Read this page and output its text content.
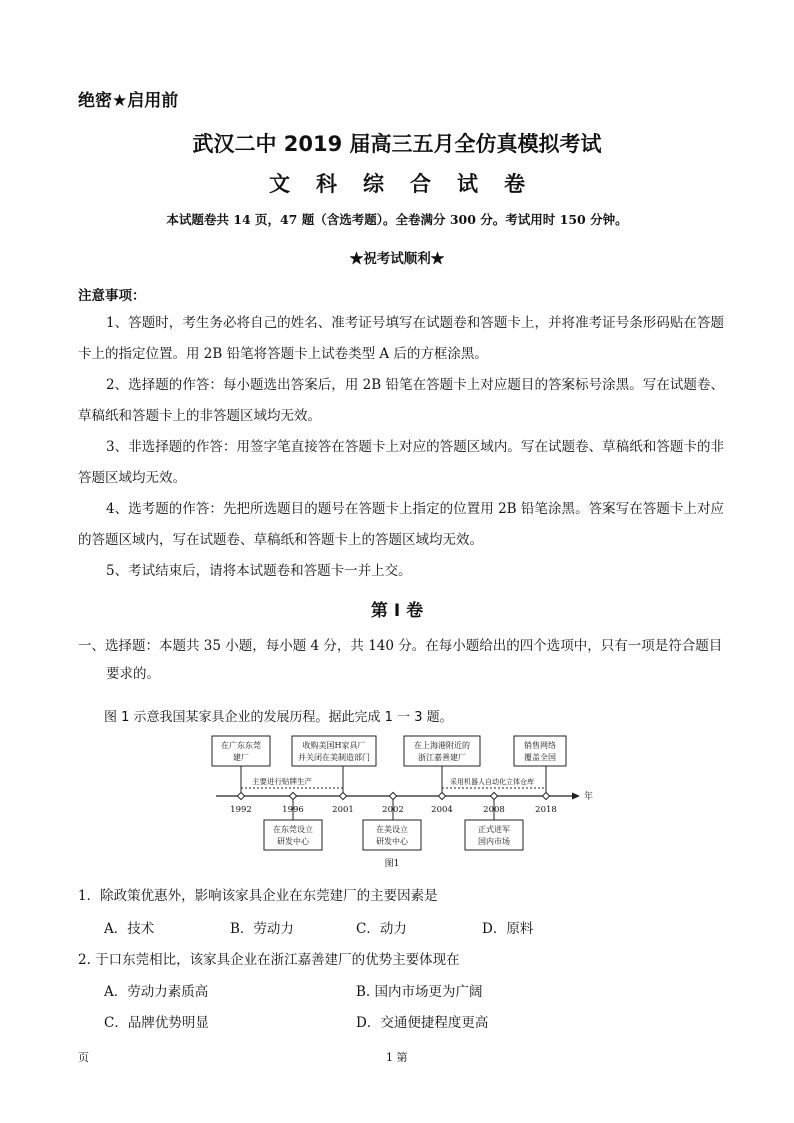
绝密★启用前
武汉二中 2019 届高三五月全仿真模拟考试
文科综合试卷
本试题卷共 14 页，47 题（含选考题）。全卷满分 300 分。考试用时 150 分钟。
★祝考试顺利★
注意事项：
1、答题时，考生务必将自己的姓名、准考证号填写在试题卷和答题卡上，并将准考证号条形码贴在答题卡上的指定位置。用 2B 铅笔将答题卡上试卷类型 A 后的方框涂黑。
2、选择题的作答：每小题选出答案后，用 2B 铅笔在答题卡上对应题目的答案标号涂黑。写在试题卷、草稿纸和答题卡上的非答题区域均无效。
3、非选择题的作答：用签字笔直接答在答题卡上对应的答题区域内。写在试题卷、草稿纸和答题卡的非答题区域均无效。
4、选考题的作答：先把所选题目的题号在答题卡上指定的位置用 2B 铅笔涂黑。答案写在答题卡上对应的答题区域内，写在试题卷、草稿纸和答题卡上的答题区域均无效。
5、考试结束后，请将本试题卷和答题卡一并上交。
第 I 卷
一、选择题：本题共 35 小题，每小题 4 分，共 140 分。在每小题给出的四个选项中，只有一项是符合题目要求的。
图 1 示意我国某家具企业的发展历程。据此完成 1 一 3 题。
1992	1996	2001	2002	2004	2008	2018
年
主要进行贴牌生产	采用机器人自动化立体仓库
在广东东莞
建厂
收购美国H家具厂
并关闭在美制造部门
在上海港附近的
浙江嘉善建厂
销售网络
覆盖全国
在东莞设立
研发中心
在美设立
研发中心
正式进军
国内市场
图1
1．除政策优惠外，影响该家具企业在东莞建厂的主要因素是
A．技术	B．劳动力	C．动力	D．原料
2. 于口东莞相比，该家具企业在浙江嘉善建厂的优势主要体现在
A．劳动力素质高	B. 国内市场更为广阔
C．品牌优势明显	D．交通便捷程度更高
页	1 第
